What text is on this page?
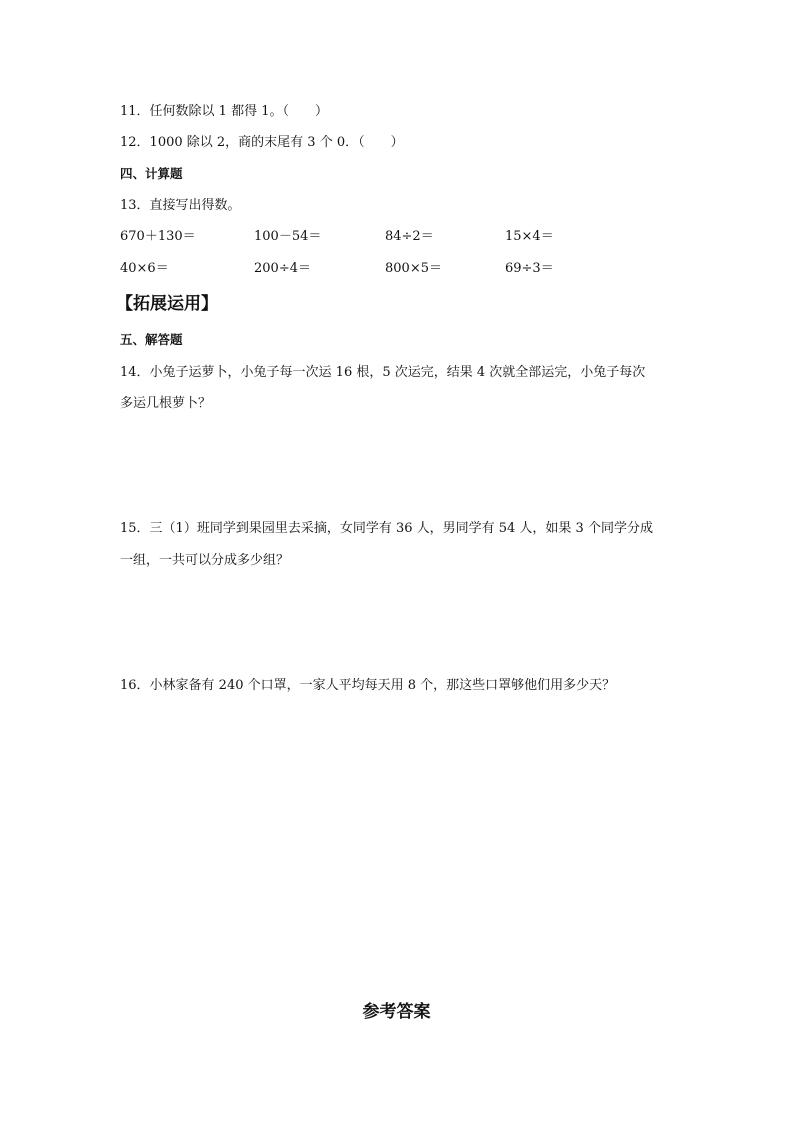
11．任何数除以 1 都得 1。（　　）
12．1000 除以 2，商的末尾有 3 个 0．（　　）
四、计算题
13．直接写出得数。
670＋130＝	100－54＝	84÷2＝	15×4＝
40×6＝	200÷4＝	800×5＝	69÷3＝
【拓展运用】
五、解答题
14．小兔子运萝卜，小兔子每一次运 16 根，5 次运完，结果 4 次就全部运完，小兔子每次
多运几根萝卜？
15．三（1）班同学到果园里去采摘，女同学有 36 人，男同学有 54 人，如果 3 个同学分成
一组，一共可以分成多少组？
16．小林家备有 240 个口罩，一家人平均每天用 8 个，那这些口罩够他们用多少天？
参考答案
